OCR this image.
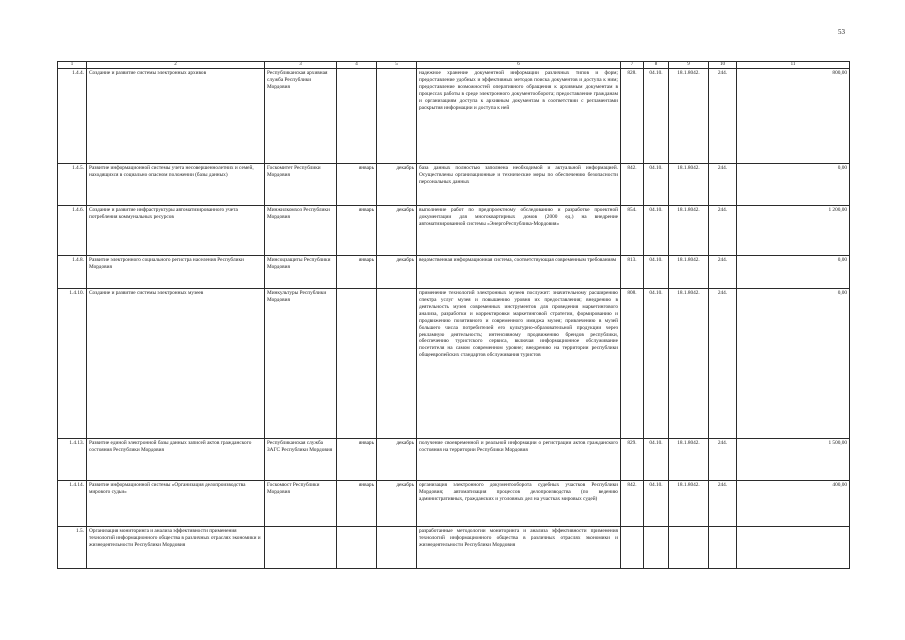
53
1	2	3	4	5	6	7	8	9	10	11
1.4.4.	Создание и развитие системы электронных архивов	Республиканская архивная служба Республики Мордовия			надежное хранение документной информации различных типов и форм; предоставление удобных и эффективных методов поиска документов и доступа к ним; предоставление возможностей оперативного обращения к архивным документам в процессах работы в среде электронного документооборота; предоставление гражданам и организациям доступа к архивным документам в соответствии с регламентами раскрытия информации и доступа к ней	828.	04.10.	18.1.8042.	244.	800,00
1.4.5.	Развитие информационной системы учета несовершеннолетних и семей, находящихся в социально опасном положении (базы данных)	Госкомитет Республики Мордовия	январь	декабрь	база данных полностью заполнена необходимой и актуальной информацией. Осуществлены организационные и технические меры по обеспечению безопасности персональных данных	842.	04.10.	18.1.8042.	244.	0,00
1.4.6.	Создание и развитие инфраструктуры автоматизированного учета потребления коммунальных ресурсов	Минжилкомхоз Республики Мордовия	январь	декабрь	выполнение работ по предпроектному обследованию и разработке проектной документации для многоквартирных домов (2000 ед.) на внедрение автоматизированной системы «ЭнергоРеспублика-Мордовия»	854.	04.10.	18.1.8042.	244.	1 200,00
1.4.8.	Развитие электронного социального регистра населения Республики Мордовия	Минсоцзащиты Республики Мордовия	январь	декабрь	ведомственная информационная система, соответствующая современным требованиям	813.	04.10.	18.1.8042.	244.	0,00
1.4.10.	Создание и развитие системы электронных музеев	Минкультуры Республики Мордовия			применение технологий электронных музеев послужит: значительному расширению спектра услуг музея и повышению уровня их предоставления; внедрению в деятельность музея современных инструментов для проведения маркетингового анализа, разработки и корректировки маркетинговой стратегии, формированию и продвижению позитивного и современного имиджа музея; привлечению в музей большего числа потребителей его культурно-образовательной продукции через рекламную деятельность; интенсивному продвижению брендов республики, обеспечению туристского сервиса, включая информационное обслуживание посетителя на самом современном уровне; внедрению на территории республики общеевропейских стандартов обслуживания туристов	808.	04.10.	18.1.8042.	244.	0,00
1.4.13.	Развитие единой электронной базы данных записей актов гражданского состояния Республики Мордовия	Республиканская служба ЗАГС Республики Мордовия	январь	декабрь	получение своевременной и реальной информации о регистрации актов гражданского состояния на территории Республики Мордовия	829.	04.10.	18.1.8042.	244.	1 500,00
1.4.14.	Развитие информационной системы «Организация делопроизводства мирового судьи»	Госкомюст Республики Мордовия	январь	декабрь	организация электронного документооборота судебных участков Республики Мордовия; автоматизация процессов делопроизводства (по ведению административных, гражданских и уголовных дел на участках мировых судей)	842.	04.10.	18.1.8042.	244.	400,00
1.5.	Организация мониторинга и анализа эффективности применения технологий информационного общества в различных отраслях экономики и жизнедеятельности Республики Мордовия				разработанные методологии мониторинга и анализа эффективности применения технологий информационного общества в различных отраслях экономики и жизнедеятельности Республики Мордовия					
